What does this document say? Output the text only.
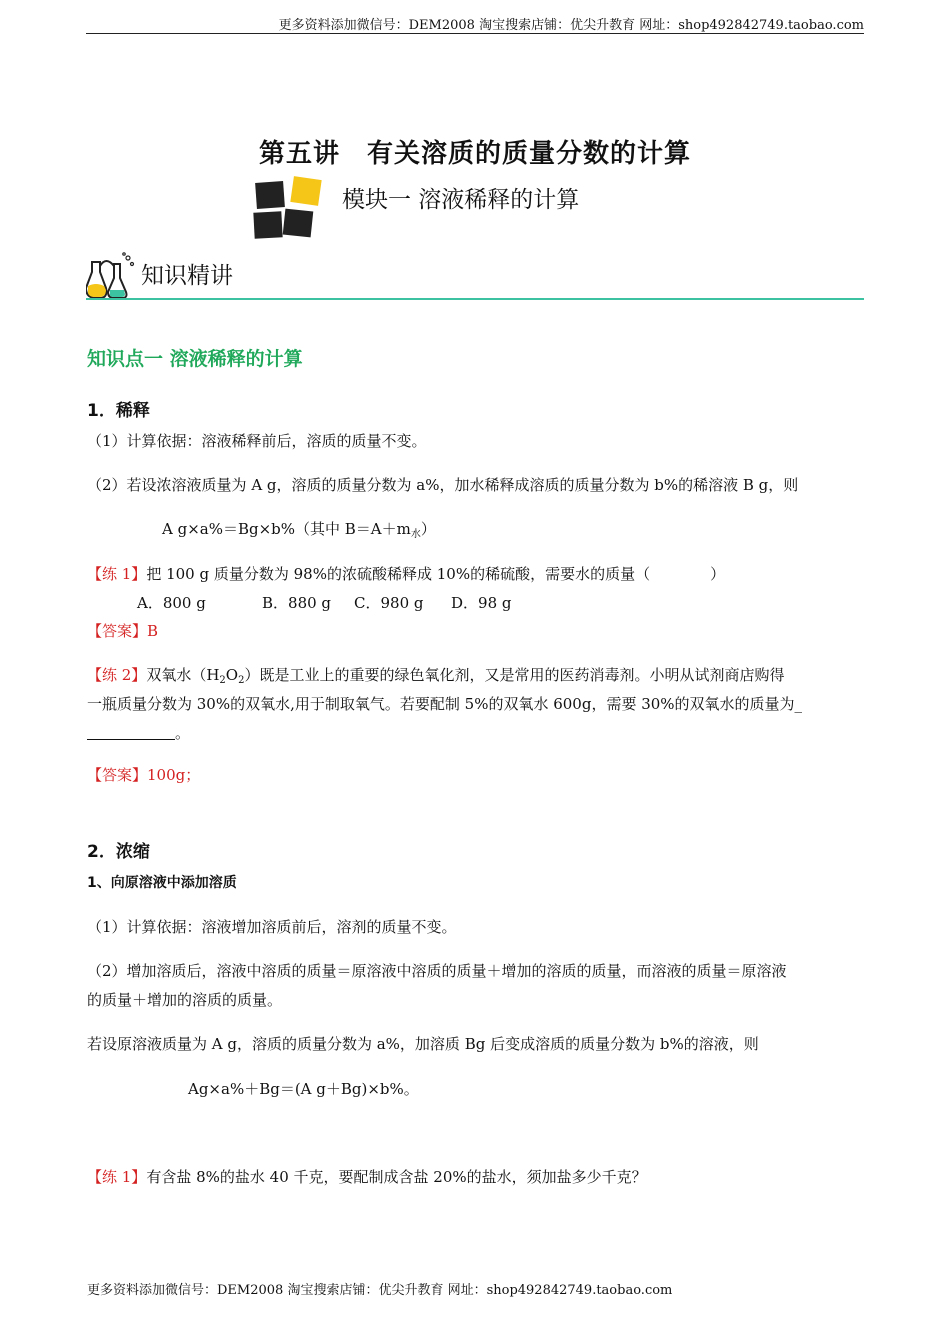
更多资料添加微信号：DEM2008 淘宝搜索店铺：优尖升教育 网址：shop492842749.taobao.com
第五讲　有关溶质的质量分数的计算
模块一 溶液稀释的计算
知识精讲
知识点一 溶液稀释的计算
1．稀释
（1）计算依据：溶液稀释前后，溶质的质量不变。
（2）若设浓溶液质量为 A g，溶质的质量分数为 a%，加水稀释成溶质的质量分数为 b%的稀溶液 B g，则
A g×a%＝Bg×b%（其中 $B=A+m_水$）
【练 1】把 100 g 质量分数为 98%的浓硫酸稀释成 10%的稀硫酸，需要水的质量（　　　　）
A．800 g	B．880 g C．980 g D．98 g
【答案】B
【练 2】双氧水$(H_2O_2)$既是工业上的重要的绿色氧化剂，又是常用的医药消毒剂。小明从试剂商店购得
一瓶质量分数为 30%的双氧水,用于制取氧气。若要配制 5%的双氧水 600g，需要 30%的双氧水的质量为_
。
【答案】100g；
2．浓缩
1、向原溶液中添加溶质
（1）计算依据：溶液增加溶质前后，溶剂的质量不变。
（2）增加溶质后，溶液中溶质的质量＝原溶液中溶质的质量＋增加的溶质的质量，而溶液的质量＝原溶液
的质量＋增加的溶质的质量。
若设原溶液质量为 A g，溶质的质量分数为 a%，加溶质 Bg 后变成溶质的质量分数为 b%的溶液，则
Ag×a%＋Bg＝(A g＋Bg)×b%。
【练 1】有含盐 8%的盐水 40 千克，要配制成含盐 20%的盐水，须加盐多少千克？
更多资料添加微信号：DEM2008 淘宝搜索店铺：优尖升教育 网址：shop492842749.taobao.com
